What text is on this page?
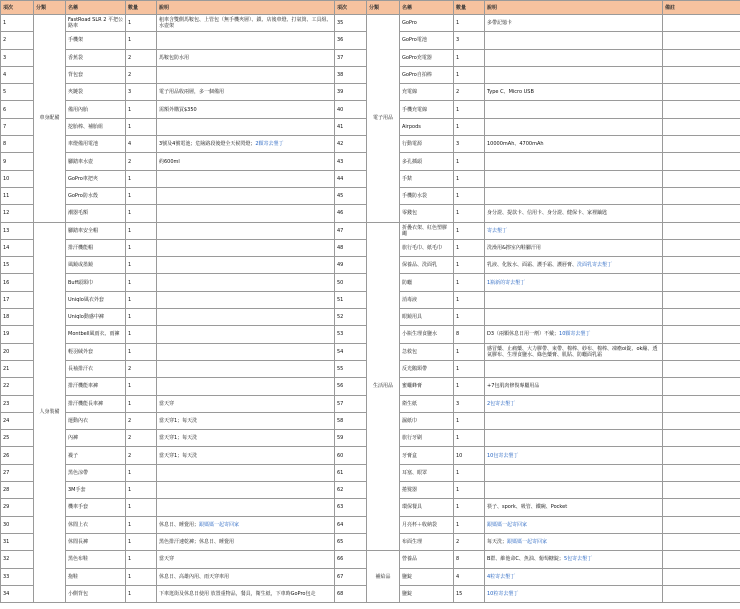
項次	分類	名稱	數量	說明	項次	分類	名稱	數量	說明	備註
1	車身配備	FastRoad SLR 2 平把公路車	1	租車含雙側馬鞍包、上管包（無手機夾層）、鎖、店後車燈、打氣筒、工具組、水壺架	35	電子用品	GoPro	1	多帶記憶卡	
2		手機架	1		36		GoPro電池	3		
3		香蕉袋	2	馬鞍包防水用	37		GoPro充電器	1		
4		背包套	2		38		GoPro自拍棒	1		
5		夾鏈袋	3	電子用品收兩層，多一個備用	39		充電線	2	Type C、Micro USB	
6		備用內胎	1	需額外購買$350	40		手機充電線	1		
7		挖胎棒、補胎組	1		41		Airpods	1		
8		車燈備用電池	4	3號及4號電池；危險路段後燈全天候閃燈；2顆寄去墾丁	42		行動電源	3	10000mAh、4700mAh	
9		腳踏車水壺	2	約600ml	43		多孔插頭	1		
10		GoPro車把夾	1		44		手錶	1		
11		GoPro防水殼	1		45		手機防水袋	1		
12		潮器毛額	1		46		零錢包	1	身分證、提款卡、信用卡、身分證、健保卡、家裡鑰匙	
13	人身裝備	腳踏車安全帽	1		47	生活用品	折疊衣架、紅色塑膠繩	1	寄去墾丁	
14		排汗機能帽	1		48		旅行毛巾、紙毛巾	1	洗澡用&擦室內鞋腳汗用	
15		風鏡或墨鏡	1		49		保養品、洗面乳	1	乳液、化妝水、面霜、護手霜、護唇膏、洗面乳寄去墾丁	
16		Buff頭頸巾	1		50		防曬	1	1瓶新的寄去墾丁	
17		Uniqlo風衣外套	1		51		消毒液	1		
18		Uniqlo動感中褲	1		52		眼鏡用具	1		
19		Montbell風雨衣、雨褲	1		53		小瓶生理食鹽水	8	D3（兩顆休息日用一劑）不戴；10顆寄去墾丁	
20		輕羽絨外套	1		54		急救包	1	感冒藥、止痛藥、大力膠帶、束帶、棉棒、紗布、棉棒、凍瘡oi錠、ok繃、透氣膠布、生理食鹽水、綠色藥膏、肌貼、防曬面乳霜	
21		長袖排汗衣	2		55		反光鵝頸帶	1		
22		排汗機能車褲	1		56		蜜蠟蜂膏	1	+7包肌肉修復專屬用品	
23		排汗機能長車褲	1	當天穿	57		衛生紙	3	2包寄去墾丁	
24		運動內衣	2	當天穿1；每天洗	58		濕紙巾	1		
25		內褲	2	當天穿1；每天洗	59		旅行牙刷	1		
26		襪子	2	當天穿1；每天洗	60		牙膏盒	10	10包寄去墾丁	
27		黑色涼帶	1		61		耳塞、眼罩	1		
28		3M手套	1		62		捲髮器	1		
29		機車手套	1		63		環保餐具	1	筷子、spork、吸管、鐵碗、Pocket	
30		休閒上衣	1	休息日、睡覺用；跟媽媽一起寄回家	64		月亮杯＋收納袋	1	跟媽媽一起寄回家	
31		休閒長褲	1	黑色排汗速乾褲；休息日、睡覺用	65		布面生理	2	每天洗；跟媽媽一起寄回家	
32		黑色布鞋	1	當天穿	66	補給品	營養品	8	B群、維他命C、魚油、葡萄糖錠；5包寄去墾丁	
33		拖鞋	1	休息日、高雄內用、雨天穿車用	67		鹽錠	4	4粒寄去墾丁	
34		小側背包	1	下車逛街及休息日使用 放置重物品，餐具，衛生紙，下車時GoPro包走	68		鹽錠	15	10粒寄去墾丁	
